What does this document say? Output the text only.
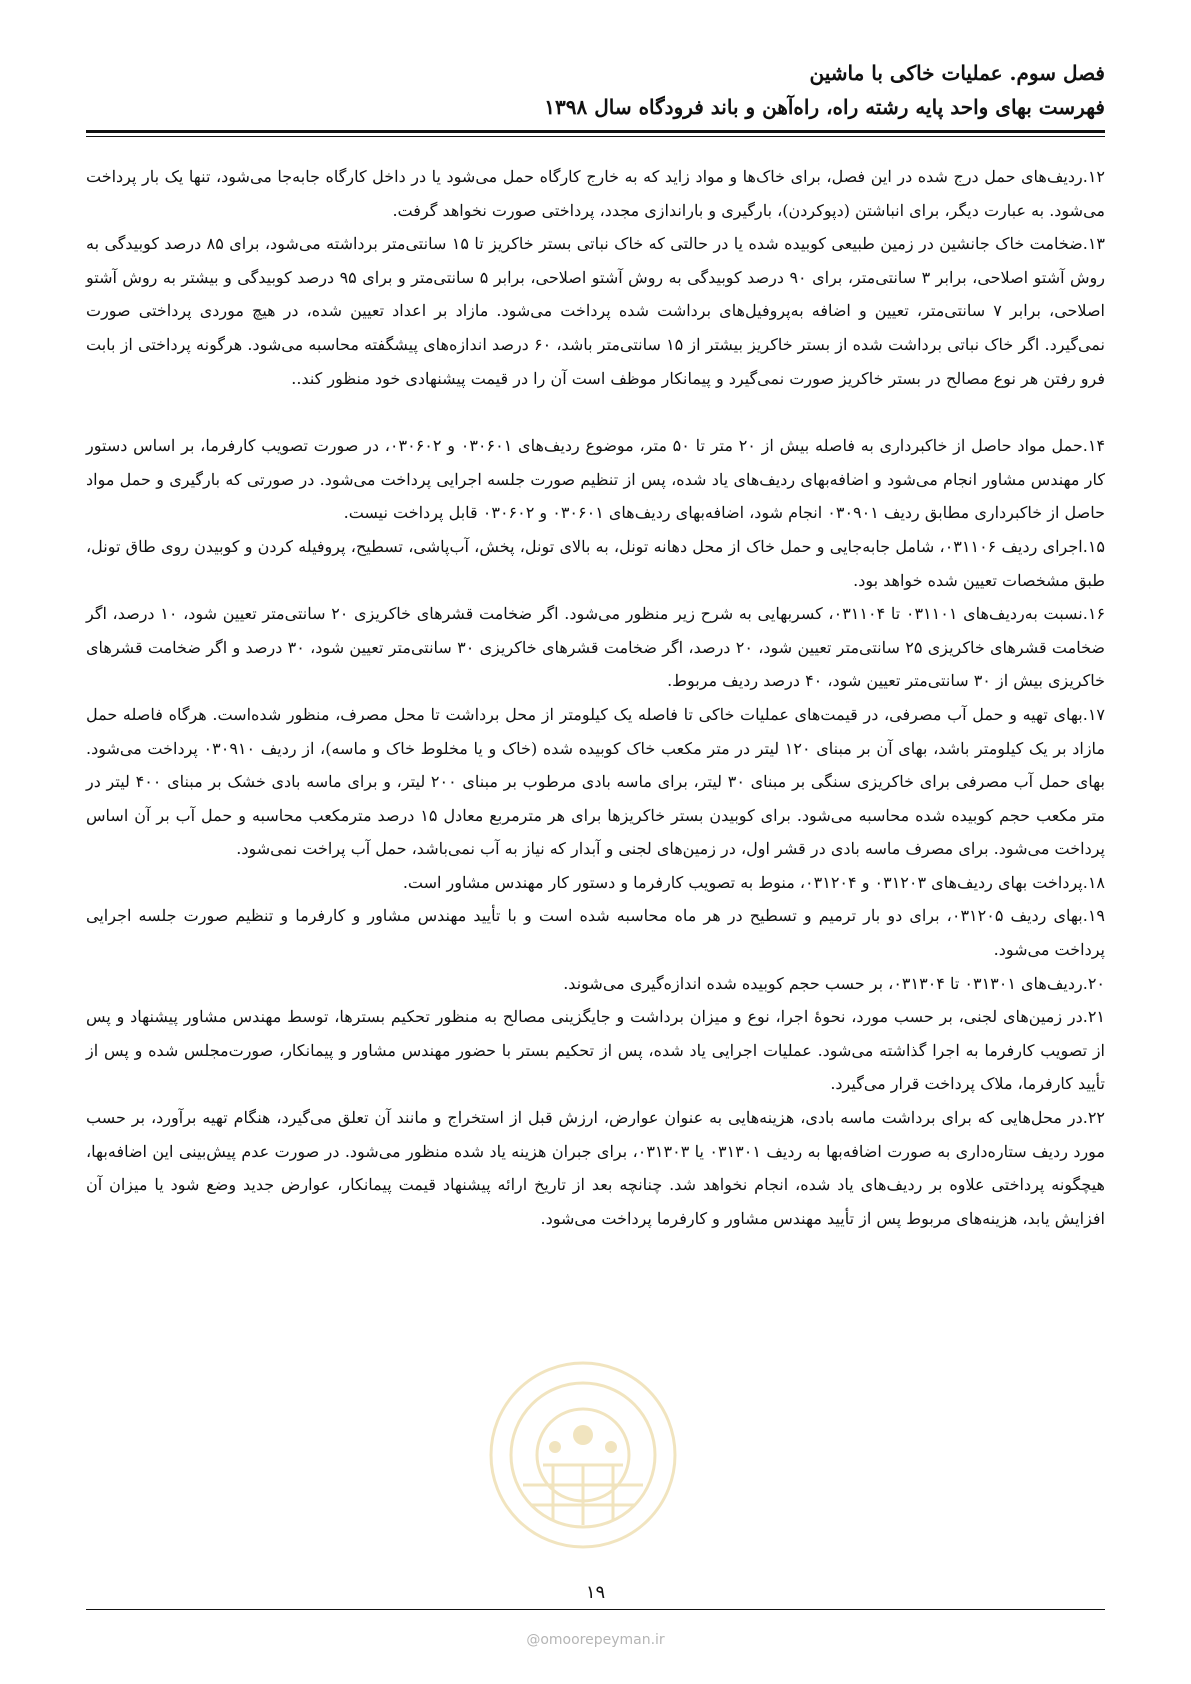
فصل سوم. عملیات خاکی با ماشین
فهرست بهای واحد پایه رشته راه، راه‌آهن و باند فرودگاه سال ۱۳۹۸

۱۲.ردیف‌های حمل درج شده در این فصل، برای خاک‌ها و مواد زاید که به خارج کارگاه حمل می‌شود یا در داخل کارگاه جابه‌جا می‌شود، تنها یک بار پرداخت می‌شود. به عبارت دیگر، برای انباشتن (دپوکردن)، بارگیری و باراندازی مجدد، پرداختی صورت نخواهد گرفت.

۱۳.ضخامت خاک جانشین در زمین طبیعی کوبیده شده یا در حالتی که خاک نباتی بستر خاکریز تا ۱۵ سانتی‌متر برداشته می‌شود، برای ۸۵ درصد کوبیدگی به روش آشتو اصلاحی، برابر ۳ سانتی‌متر، برای ۹۰ درصد کوبیدگی به روش آشتو اصلاحی، برابر ۵ سانتی‌متر و برای ۹۵ درصد کوبیدگی و بیشتر به روش آشتو اصلاحی، برابر ۷ سانتی‌متر، تعیین و اضافه به‌پروفیل‌های برداشت شده پرداخت می‌شود. مازاد بر اعداد تعیین شده، در هیچ موردی پرداختی صورت نمی‌گیرد. اگر خاک نباتی برداشت شده از بستر خاکریز بیشتر از ۱۵ سانتی‌متر باشد، ۶۰ درصد اندازه‌های پیشگفته محاسبه می‌شود. هرگونه پرداختی از بابت فرو رفتن هر نوع مصالح در بستر خاکریز صورت نمی‌گیرد و پیمانکار موظف است آن را در قیمت پیشنهادی خود منظور کند..

۱۴.حمل مواد حاصل از خاکبرداری به فاصله بیش از ۲۰ متر تا ۵۰ متر، موضوع ردیف‌های ۰۳۰۶۰۱ و ۰۳۰۶۰۲، در صورت تصویب کارفرما، بر اساس دستور کار مهندس مشاور انجام می‌شود و اضافه‌بهای ردیف‌های یاد شده، پس از تنظیم صورت جلسه اجرایی پرداخت می‌شود. در صورتی که بارگیری و حمل مواد حاصل از خاکبرداری مطابق ردیف ۰۳۰۹۰۱ انجام شود، اضافه‌بهای ردیف‌های ۰۳۰۶۰۱ و ۰۳۰۶۰۲ قابل پرداخت نیست.

۱۵.اجرای ردیف ۰۳۱۱۰۶، شامل جابه‌جایی و حمل خاک از محل دهانه تونل، به بالای تونل، پخش، آب‌پاشی، تسطیح، پروفیله کردن و کوبیدن روی طاق تونل، طبق مشخصات تعیین شده خواهد بود.

۱۶.نسبت به‌ردیف‌های ۰۳۱۱۰۱ تا ۰۳۱۱۰۴، کسربهایی به شرح زیر منظور می‌شود. اگر ضخامت قشرهای خاکریزی ۲۰ سانتی‌متر تعیین شود، ۱۰ درصد، اگر ضخامت قشرهای خاکریزی ۲۵ سانتی‌متر تعیین شود، ۲۰ درصد، اگر ضخامت قشرهای خاکریزی ۳۰ سانتی‌متر تعیین شود، ۳۰ درصد و اگر ضخامت قشرهای خاکریزی بیش از ۳۰ سانتی‌متر تعیین شود، ۴۰ درصد ردیف مربوط.

۱۷.بهای تهیه و حمل آب مصرفی، در قیمت‌های عملیات خاکی تا فاصله یک کیلومتر از محل برداشت تا محل مصرف، منظور شده‌است. هرگاه فاصله حمل مازاد بر یک کیلومتر باشد، بهای آن بر مبنای ۱۲۰ لیتر در متر مکعب خاک کوبیده شده (خاک و یا مخلوط خاک و ماسه)، از ردیف ۰۳۰۹۱۰ پرداخت می‌شود. بهای حمل آب مصرفی برای خاکریزی سنگی بر مبنای ۳۰ لیتر، برای ماسه بادی مرطوب بر مبنای ۲۰۰ لیتر، و برای ماسه بادی خشک بر مبنای ۴۰۰ لیتر در متر مکعب حجم کوبیده شده محاسبه می‌شود. برای کوبیدن بستر خاکریزها برای هر مترمربع معادل ۱۵ درصد مترمکعب محاسبه و حمل آب بر آن اساس پرداخت می‌شود. برای مصرف ماسه بادی در قشر اول، در زمین‌های لجنی و آبدار که نیاز به آب نمی‌باشد، حمل آب پراخت نمی‌شود.

۱۸.پرداخت بهای ردیف‌های ۰۳۱۲۰۳ و ۰۳۱۲۰۴، منوط به تصویب کارفرما و دستور کار مهندس مشاور است.

۱۹.بهای ردیف ۰۳۱۲۰۵، برای دو بار ترمیم و تسطیح در هر ماه محاسبه شده است و با تأیید مهندس مشاور و کارفرما و تنظیم صورت جلسه اجرایی پرداخت می‌شود.

۲۰.ردیف‌های ۰۳۱۳۰۱ تا ۰۳۱۳۰۴، بر حسب حجم کوبیده شده اندازه‌گیری می‌شوند.

۲۱.در زمین‌های لجنی، بر حسب مورد، نحوهٔ اجرا، نوع و میزان برداشت و جایگزینی مصالح به منظور تحکیم بسترها، توسط مهندس مشاور پیشنهاد و پس از تصویب کارفرما به اجرا گذاشته می‌شود. عملیات اجرایی یاد شده، پس از تحکیم بستر با حضور مهندس مشاور و پیمانکار، صورت‌مجلس شده و پس از تأیید کارفرما، ملاک پرداخت قرار می‌گیرد.

۲۲.در محل‌هایی که برای برداشت ماسه بادی، هزینه‌هایی به عنوان عوارض، ارزش قبل از استخراج و مانند آن تعلق می‌گیرد، هنگام تهیه برآورد، بر حسب مورد ردیف ستاره‌داری به صورت اضافه‌بها به ردیف ۰۳۱۳۰۱ یا ۰۳۱۳۰۳، برای جبران هزینه یاد شده منظور می‌شود. در صورت عدم پیش‌بینی این اضافه‌بها، هیچگونه پرداختی علاوه بر ردیف‌های یاد شده، انجام نخواهد شد. چنانچه بعد از تاریخ ارائه پیشنهاد قیمت پیمانکار، عوارض جدید وضع شود یا میزان آن افزایش یابد، هزینه‌های مربوط پس از تأیید مهندس مشاور و کارفرما پرداخت می‌شود.

۱۹
@omoorepeyman.ir
